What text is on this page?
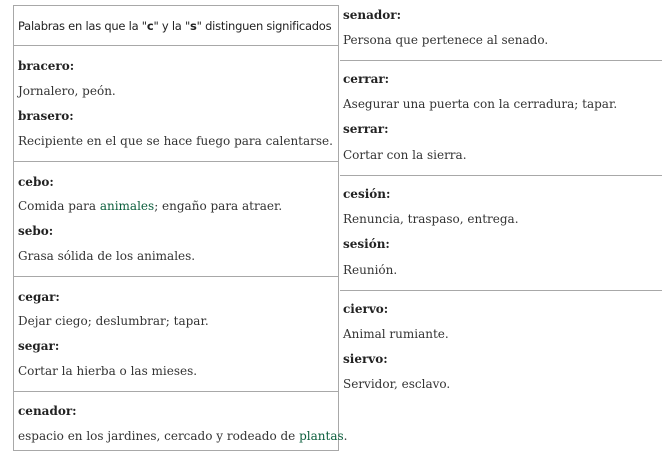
Palabras en las que la "c" y la "s" distinguen significados
bracero:
Jornalero, peón.
brasero:
Recipiente en el que se hace fuego para calentarse.
cebo:
Comida para animales; engaño para atraer.
sebo:
Grasa sólida de los animales.
cegar:
Dejar ciego; deslumbrar; tapar.
segar:
Cortar la hierba o las mieses.
cenador:
espacio en los jardines, cercado y rodeado de plantas.
senador:
Persona que pertenece al senado.
cerrar:
Asegurar una puerta con la cerradura; tapar.
serrar:
Cortar con la sierra.
cesión:
Renuncia, traspaso, entrega.
sesión:
Reunión.
ciervo:
Animal rumiante.
siervo:
Servidor, esclavo.
